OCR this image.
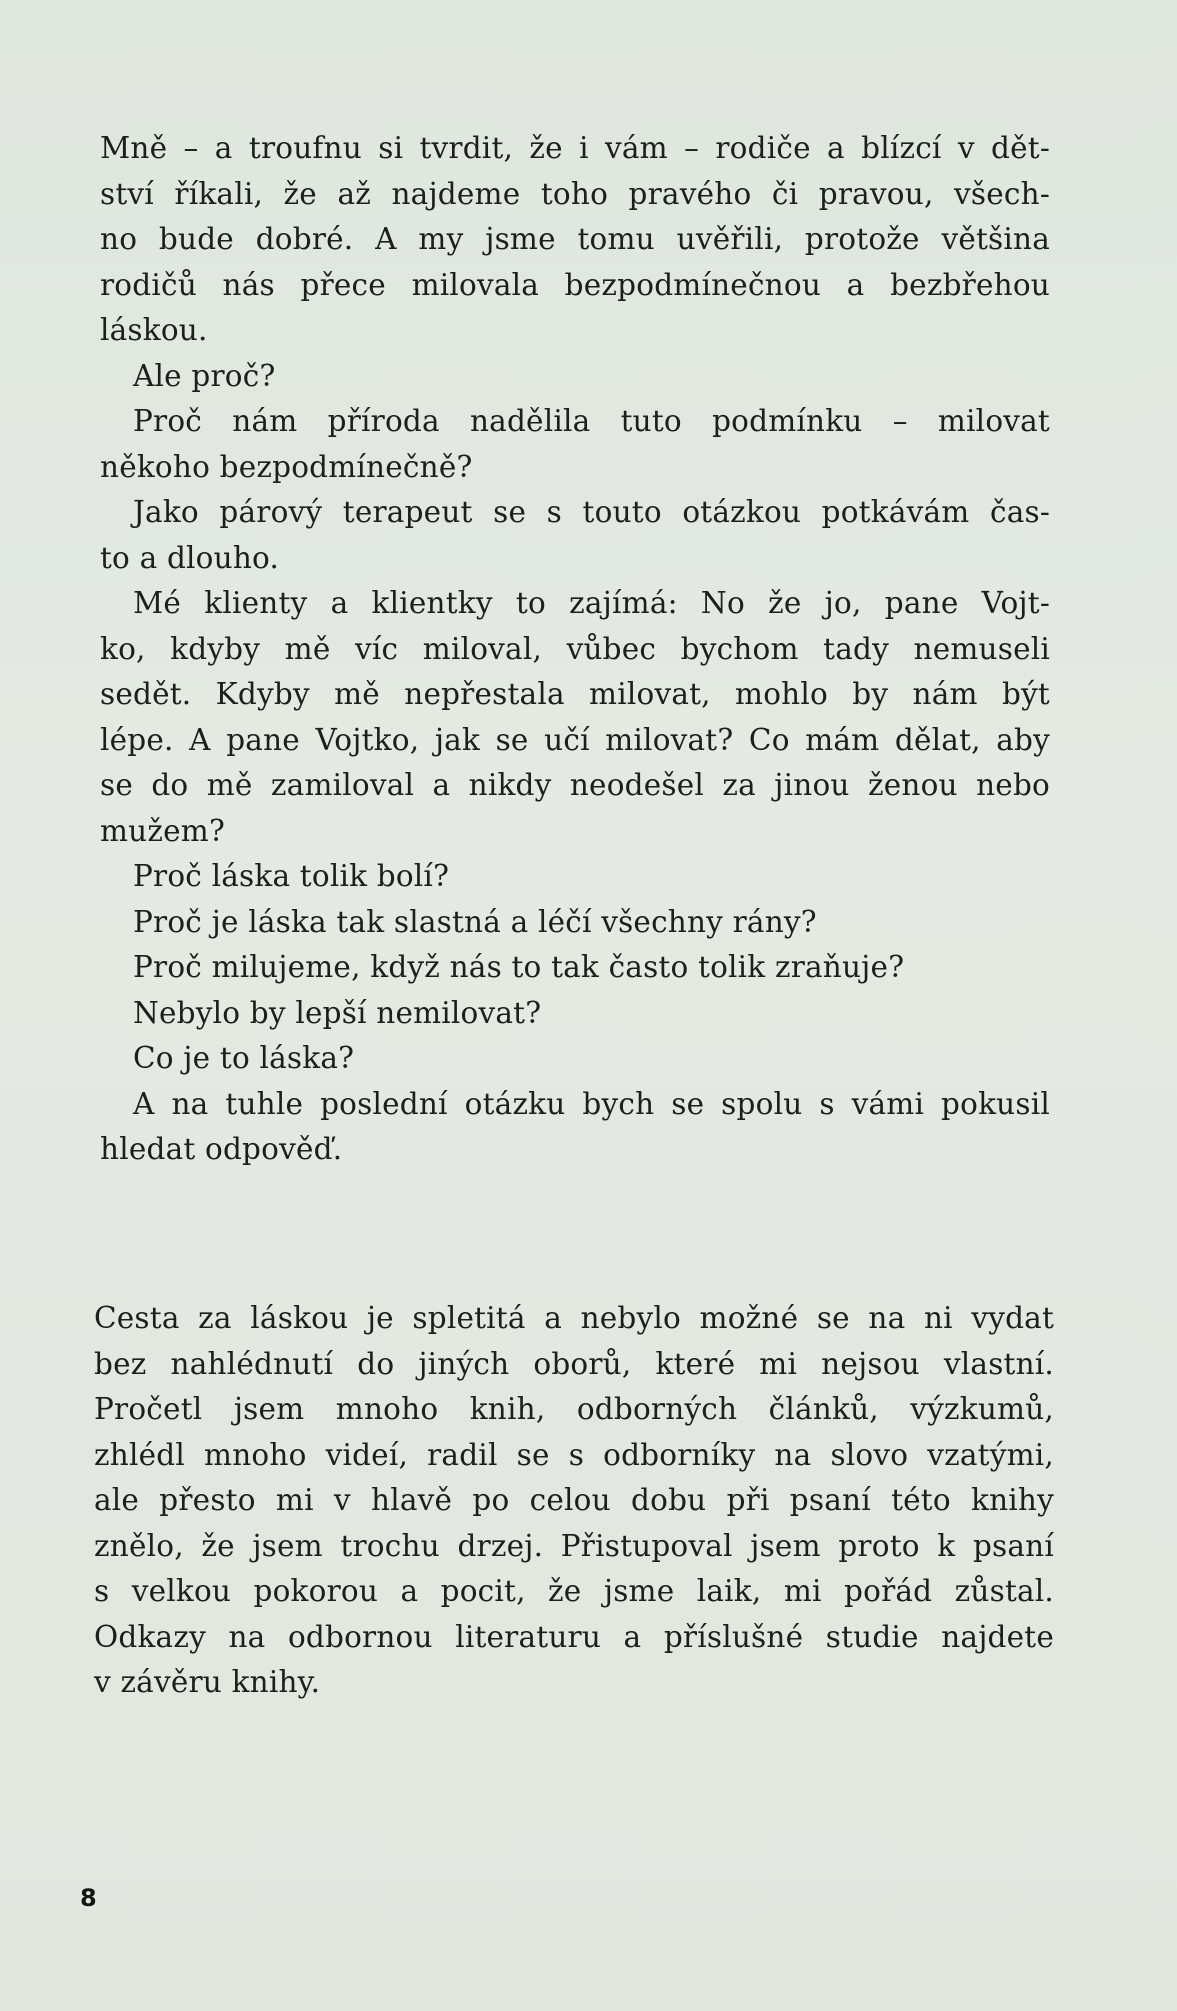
Mně – a troufnu si tvrdit, že i vám – rodiče a blízcí v dět-
ství říkali, že až najdeme toho pravého či pravou, všech-
no bude dobré. A my jsme tomu uvěřili, protože většina
rodičů nás přece milovala bezpodmínečnou a bezbřehou
láskou.

Ale proč?

Proč nám příroda nadělila tuto podmínku – milovat
někoho bezpodmínečně?

Jako párový terapeut se s touto otázkou potkávám čas-
to a dlouho.

Mé klienty a klientky to zajímá: No že jo, pane Vojt-
ko, kdyby mě víc miloval, vůbec bychom tady nemuseli
sedět. Kdyby mě nepřestala milovat, mohlo by nám být
lépe. A pane Vojtko, jak se učí milovat? Co mám dělat, aby
se do mě zamiloval a nikdy neodešel za jinou ženou nebo
mužem?

Proč láska tolik bolí?

Proč je láska tak slastná a léčí všechny rány?

Proč milujeme, když nás to tak často tolik zraňuje?

Nebylo by lepší nemilovat?

Co je to láska?

A na tuhle poslední otázku bych se spolu s vámi pokusil
hledat odpověď.

Cesta za láskou je spletitá a nebylo možné se na ni vydat
bez nahlédnutí do jiných oborů, které mi nejsou vlastní.
Pročetl jsem mnoho knih, odborných článků, výzkumů,
zhlédl mnoho videí, radil se s odborníky na slovo vzatými,
ale přesto mi v hlavě po celou dobu při psaní této knihy
znělo, že jsem trochu drzej. Přistupoval jsem proto k psaní
s velkou pokorou a pocit, že jsme laik, mi pořád zůstal.
Odkazy na odbornou literaturu a příslušné studie najdete
v závěru knihy.

8
